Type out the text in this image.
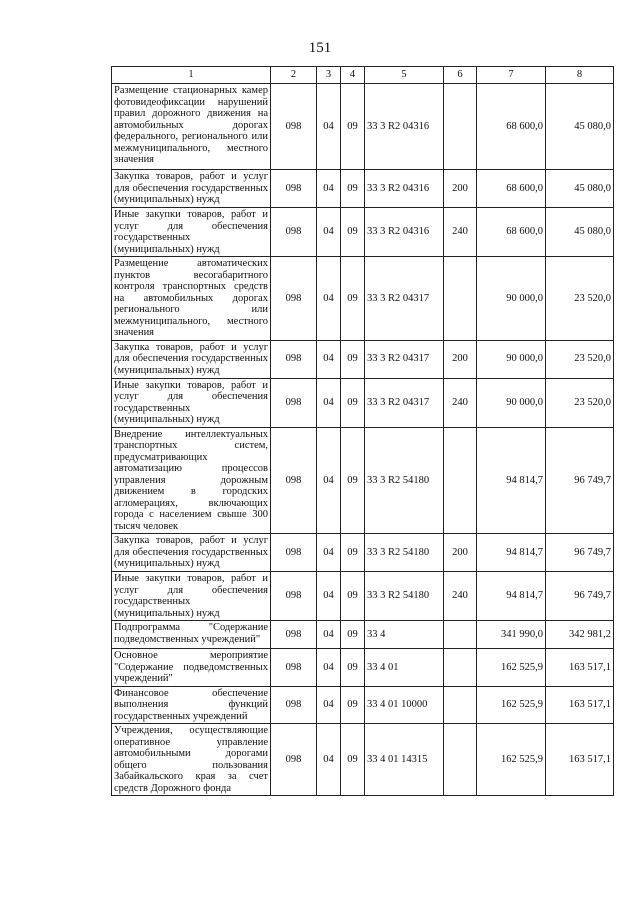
151
1	2	3	4	5	6	7	8
Размещение стационарных камер фотовидеофиксации нарушений правил дорожного движения на автомобильных дорогах федерального, регионального или межмуниципального, местного значения	098	04	09	33 3 R2 04316		68 600,0	45 080,0
Закупка товаров, работ и услуг для обеспечения государственных (муниципальных) нужд	098	04	09	33 3 R2 04316	200	68 600,0	45 080,0
Иные закупки товаров, работ и услуг для обеспечения государственных (муниципальных) нужд	098	04	09	33 3 R2 04316	240	68 600,0	45 080,0
Размещение автоматических пунктов весогабаритного контроля транспортных средств на автомобильных дорогах регионального или межмуниципального, местного значения	098	04	09	33 3 R2 04317		90 000,0	23 520,0
Закупка товаров, работ и услуг для обеспечения государственных (муниципальных) нужд	098	04	09	33 3 R2 04317	200	90 000,0	23 520,0
Иные закупки товаров, работ и услуг для обеспечения государственных (муниципальных) нужд	098	04	09	33 3 R2 04317	240	90 000,0	23 520,0
Внедрение интеллектуальных транспортных систем, предусматривающих автоматизацию процессов управления дорожным движением в городских агломерациях, включающих города с населением свыше 300 тысяч человек	098	04	09	33 3 R2 54180		94 814,7	96 749,7
Закупка товаров, работ и услуг для обеспечения государственных (муниципальных) нужд	098	04	09	33 3 R2 54180	200	94 814,7	96 749,7
Иные закупки товаров, работ и услуг для обеспечения государственных (муниципальных) нужд	098	04	09	33 3 R2 54180	240	94 814,7	96 749,7
Подпрограмма "Содержание подведомственных учреждений"	098	04	09	33 4		341 990,0	342 981,2
Основное мероприятие "Содержание подведомственных учреждений"	098	04	09	33 4 01		162 525,9	163 517,1
Финансовое обеспечение выполнения функций государственных учреждений	098	04	09	33 4 01 10000		162 525,9	163 517,1
Учреждения, осуществляющие оперативное управление автомобильными дорогами общего пользования Забайкальского края за счет средств Дорожного фонда	098	04	09	33 4 01 14315		162 525,9	163 517,1
